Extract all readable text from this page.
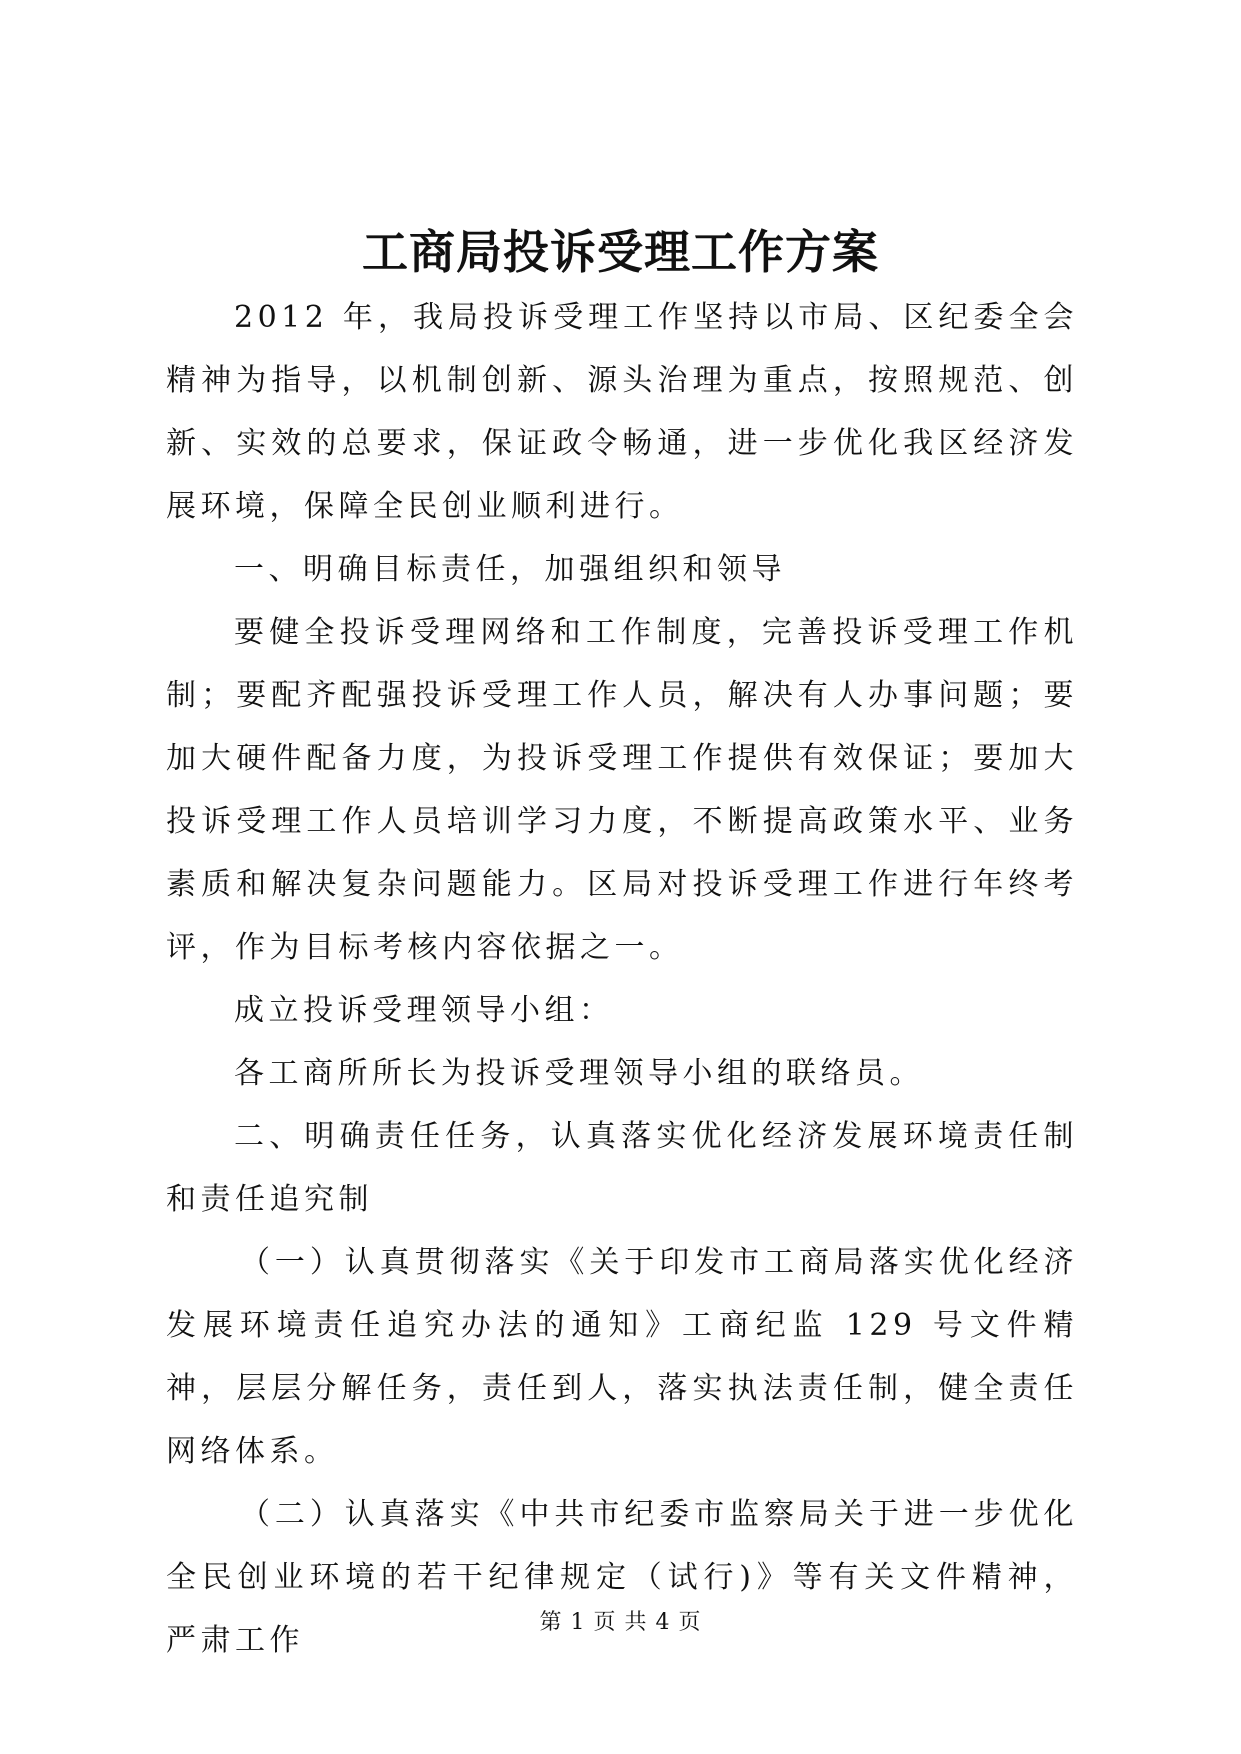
工商局投诉受理工作方案

2012 年，我局投诉受理工作坚持以市局、区纪委全会精神为指导，以机制创新、源头治理为重点，按照规范、创新、实效的总要求，保证政令畅通，进一步优化我区经济发展环境，保障全民创业顺利进行。

一、明确目标责任，加强组织和领导

要健全投诉受理网络和工作制度，完善投诉受理工作机制；要配齐配强投诉受理工作人员，解决有人办事问题；要加大硬件配备力度，为投诉受理工作提供有效保证；要加大投诉受理工作人员培训学习力度，不断提高政策水平、业务素质和解决复杂问题能力。区局对投诉受理工作进行年终考评，作为目标考核内容依据之一。

成立投诉受理领导小组：

各工商所所长为投诉受理领导小组的联络员。

二、明确责任任务，认真落实优化经济发展环境责任制和责任追究制

（一）认真贯彻落实《关于印发市工商局落实优化经济发展环境责任追究办法的通知》工商纪监 129 号文件精神，层层分解任务，责任到人，落实执法责任制，健全责任网络体系。

（二）认真落实《中共市纪委市监察局关于进一步优化全民创业环境的若干纪律规定（试行)》等有关文件精神，严肃工作

第 1 页 共 4 页
